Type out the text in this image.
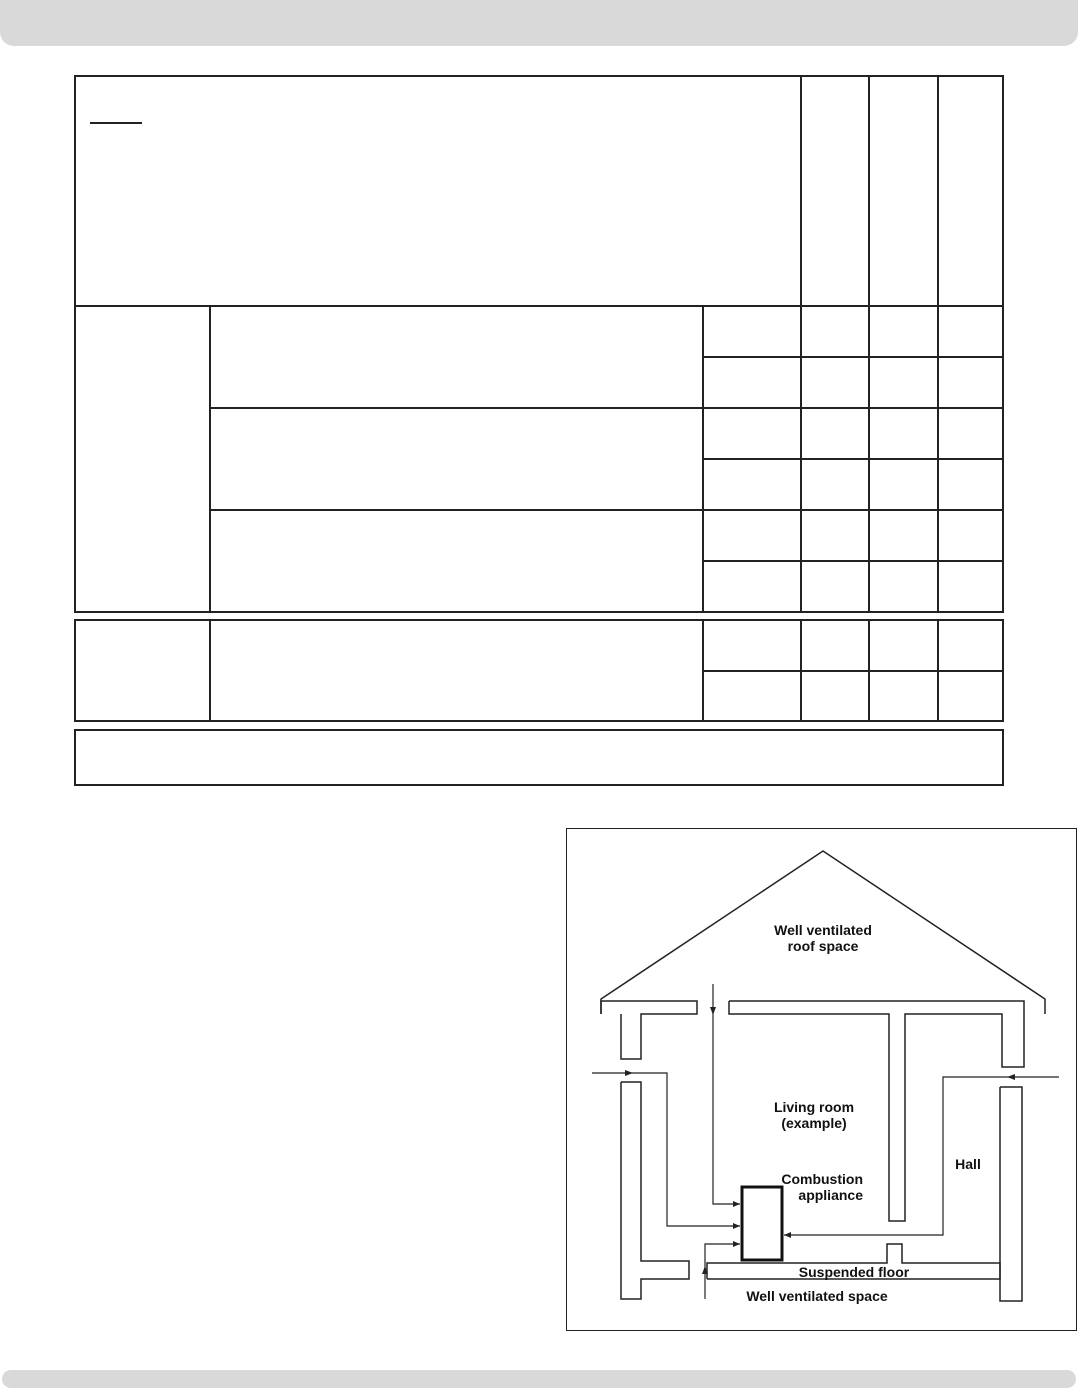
Well ventilated
roof space
Living room
(example)
Combustion
appliance
Hall
Suspended floor
Well ventilated space
